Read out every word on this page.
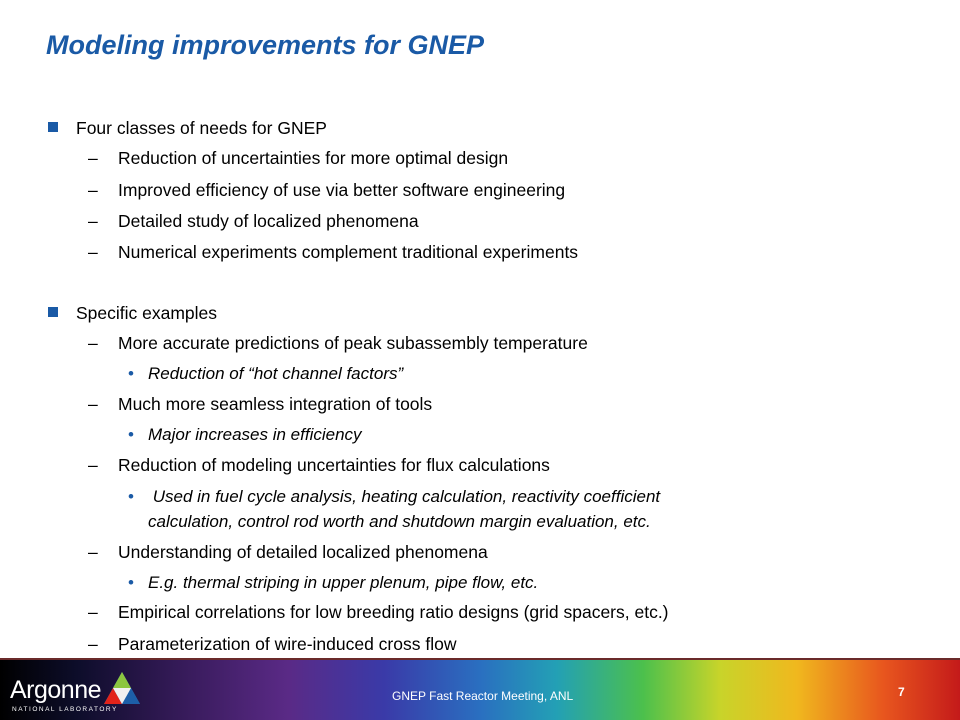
Modeling improvements for GNEP
Four classes of needs for GNEP
– Reduction of uncertainties for more optimal design
– Improved efficiency of use via better software engineering
– Detailed study of localized phenomena
– Numerical experiments complement traditional experiments
Specific examples
– More accurate predictions of peak subassembly temperature
• Reduction of “hot channel factors”
– Much more seamless integration of tools
• Major increases in efficiency
– Reduction of modeling uncertainties for flux calculations
• Used in fuel cycle analysis, heating calculation, reactivity coefficient
calculation, control rod worth and shutdown margin evaluation, etc.
– Understanding of detailed localized phenomena
• E.g. thermal striping in upper plenum, pipe flow, etc.
– Empirical correlations for low breeding ratio designs (grid spacers, etc.)
– Parameterization of wire-induced cross flow
Argonne
NATIONAL LABORATORY
GNEP Fast Reactor Meeting, ANL	7
